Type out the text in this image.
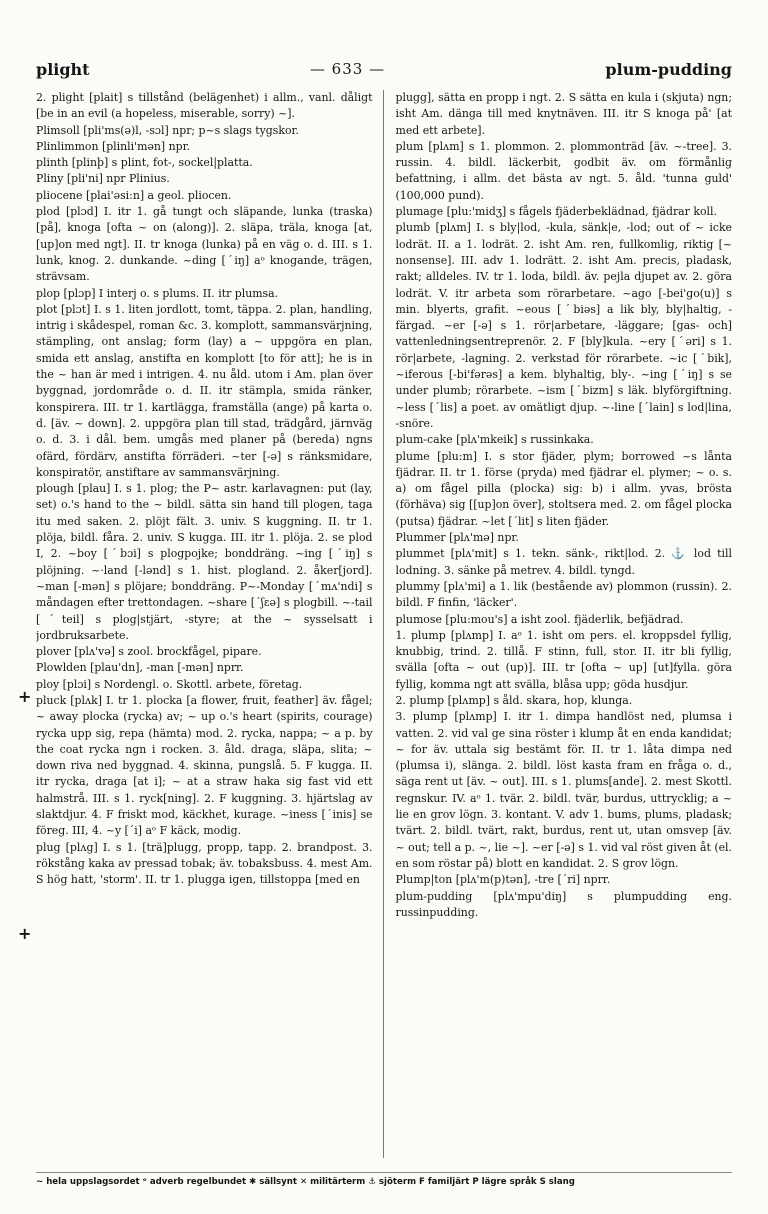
plight	— 633 —	plum-pudding
+
+

2. plight [plait] s tillstånd (belägenhet) i allm., vanl. dåligt [be in an evil (a hopeless, miserable, sorry) ~].

Plimsoll [pli'ms(ə)l, -sɔl] npr; p~s slags tygskor.

Plinlimmon [plinli'mən] npr.

plinth [plinþ] s plint, fot-, sockel|platta.

Pliny [pli'ni] npr Plinius.

pliocene [plai'əsi:n] a geol. pliocen.

plod [plɔd] I. itr 1. gå tungt och släpande, lunka (traska) [på], knoga [ofta ~ on (along)]. 2. släpa, träla, knoga [at, [up]on med ngt]. II. tr knoga (lunka) på en väg o. d. III. s 1. lunk, knog. 2. dunkande. ~ding [ˊiŋ] aᵒ knogande, trägen, strävsam.

plop [plɔp] I interj o. s plums. II. itr plumsa.

plot [plɔt] I. s 1. liten jordlott, tomt, täppa. 2. plan, handling, intrig i skådespel, roman &c. 3. komplott, sammansvärjning, stämpling, ont anslag; form (lay) a ~ uppgöra en plan, smida ett anslag, anstifta en komplott [to för att]; he is in the ~ han är med i intrigen. 4. nu åld. utom i Am. plan över byggnad, jordområde o. d. II. itr stämpla, smida ränker, konspirera. III. tr 1. kartlägga, framställa (ange) på karta o. d. [äv. ~ down]. 2. uppgöra plan till stad, trädgård, järnväg o. d. 3. i dål. bem. umgås med planer på (bereda) ngns ofärd, fördärv, anstifta förräderi. ~ter [-ə] s ränksmidare, konspiratör, anstiftare av sammansvärjning.

plough [plau] I. s 1. plog; the P~ astr. karlavagnen: put (lay, set) o.'s hand to the ~ bildl. sätta sin hand till plogen, taga itu med saken. 2. plöjt fält. 3. univ. S kuggning. II. tr 1. plöja, bildl. fåra. 2. univ. S kugga. III. itr 1. plöja. 2. se plod I, 2. ~boy [ˊbɔi] s plogpojke; bonddräng. ~ing [ˊiŋ] s plöjning. ~·land [-lənd] s 1. hist. plogland. 2. åker[jord]. ~man [-mən] s plöjare; bonddräng. P~-Monday [ˊmʌ'ndi] s måndagen efter trettondagen. ~share [ˊʃɛə] s plogbill. ~-tail [ˊteil] s plog|stjärt, -styre; at the ~ sysselsatt i jordbruksarbete.

plover [plʌ'və] s zool. brockfågel, pipare.

Plowlden [plau'dn], -man [-mən] nprr.

ploy [plɔi] s Nordengl. o. Skottl. arbete, företag.

pluck [plʌk] I. tr 1. plocka [a flower, fruit, feather] äv. fågel; ~ away plocka (rycka) av; ~ up o.'s heart (spirits, courage) rycka upp sig, repa (hämta) mod. 2. rycka, nappa; ~ a p. by the coat rycka ngn i rocken. 3. åld. draga, släpa, slita; ~ down riva ned byggnad. 4. skinna, pungslå. 5. F kugga. II. itr rycka, draga [at i]; ~ at a straw haka sig fast vid ett halmstrå. III. s 1. ryck[ning]. 2. F kuggning. 3. hjärtslag av slaktdjur. 4. F friskt mod, käckhet, kurage. ~iness [ˊinis] se föreg. III, 4. ~y [ˊi] aᵒ F käck, modig.

plug [plʌg] I. s 1. [trä]plugg, propp, tapp. 2. brandpost. 3. rökstång kaka av pressad tobak; äv. tobaksbuss. 4. mest Am. S hög hatt, 'storm'. II. tr 1. plugga igen, tillstoppa [med en

plugg], sätta en propp i ngt. 2. S sätta en kula i (skjuta) ngn; isht Am. dänga till med knytnäven. III. itr S knoga på' [at med ett arbete].

plum [plʌm] s 1. plommon. 2. plommonträd [äv. ~-tree]. 3. russin. 4. bildl. läckerbit, godbit äv. om förmånlig befattning, i allm. det bästa av ngt. 5. åld. 'tunna guld' (100,000 pund).

plumage [plu:'midʒ] s fågels fjäderbeklädnad, fjädrar koll.

plumb [plʌm] I. s bly|lod, -kula, sänk|e, -lod; out of ~ icke lodrät. II. a 1. lodrät. 2. isht Am. ren, fullkomlig, riktig [~ nonsense]. III. adv 1. lodrätt. 2. isht Am. precis, pladask, rakt; alldeles. IV. tr 1. loda, bildl. äv. pejla djupet av. 2. göra lodrät. V. itr arbeta som rörarbetare. ~ago [-bei'go(u)] s min. blyerts, grafit. ~eous [ˊbiəs] a lik bly, bly|haltig, -färgad. ~er [-ə] s 1. rör|arbetare, -läggare; [gas- och] vattenledningsentreprenör. 2. F [bly]kula. ~ery [ˊəri] s 1. rör|arbete, -lagning. 2. verkstad för rörarbete. ~ic [ˊbik], ~iferous [-bi'fərəs] a kem. blyhaltig, bly-. ~ing [ˊiŋ] s se under plumb; rörarbete. ~ism [ˊbizm] s läk. blyförgiftning. ~less [ˊlis] a poet. av omätligt djup. ~-line [ˊlain] s lod|lina, -snöre.

plum-cake [plʌ'mkeik] s russinkaka.

plume [plu:m] I. s stor fjäder, plym; borrowed ~s lånta fjädrar. II. tr 1. förse (pryda) med fjädrar el. plymer; ~ o. s. a) om fågel pilla (plocka) sig: b) i allm. yvas, brösta (förhäva) sig [[up]on över], stoltsera med. 2. om fågel plocka (putsa) fjädrar. ~let [ˊlit] s liten fjäder.

Plummer [plʌ'mə] npr.

plummet [plʌ'mit] s 1. tekn. sänk-, rikt|lod. 2. ⚓ lod till lodning. 3. sänke på metrev. 4. bildl. tyngd.

plummy [plʌ'mi] a 1. lik (bestående av) plommon (russin). 2. bildl. F finfin, 'läcker'.

plumose [plu:mou's] a isht zool. fjäderlik, befjädrad.

1. plump [plʌmp] I. aᵒ 1. isht om pers. el. kroppsdel fyllig, knubbig, trind. 2. tillå. F stinn, full, stor. II. itr bli fyllig, svälla [ofta ~ out (up)]. III. tr [ofta ~ up] [ut]fylla. göra fyllig, komma ngt att svälla, blåsa upp; göda husdjur.

2. plump [plʌmp] s åld. skara, hop, klunga.

3. plump [plʌmp] I. itr 1. dimpa handlöst ned, plumsa i vatten. 2. vid val ge sina röster i klump åt en enda kandidat; ~ for äv. uttala sig bestämt för. II. tr 1. låta dimpa ned (plumsa i), slänga. 2. bildl. löst kasta fram en fråga o. d., säga rent ut [äv. ~ out]. III. s 1. plums[ande]. 2. mest Skottl. regnskur. IV. aᵒ 1. tvär. 2. bildl. tvär, burdus, uttrycklig; a ~ lie en grov lögn. 3. kontant. V. adv 1. bums, plums, pladask; tvärt. 2. bildl. tvärt, rakt, burdus, rent ut, utan omsvep [äv. ~ out; tell a p. ~, lie ~]. ~er [-ə] s 1. vid val röst given åt (el. en som röstar på) blott en kandidat. 2. S grov lögn.

Plump|ton [plʌ'm(p)tən], -tre [ˊri] nprr.

plum-pudding [plʌ'mpu'diŋ] s plumpudding eng. russinpudding.

~ hela uppslagsordet ᵒ adverb regelbundet ✱ sällsynt ✕ militärterm ⚓ sjöterm F familjärt P lägre språk S slang
